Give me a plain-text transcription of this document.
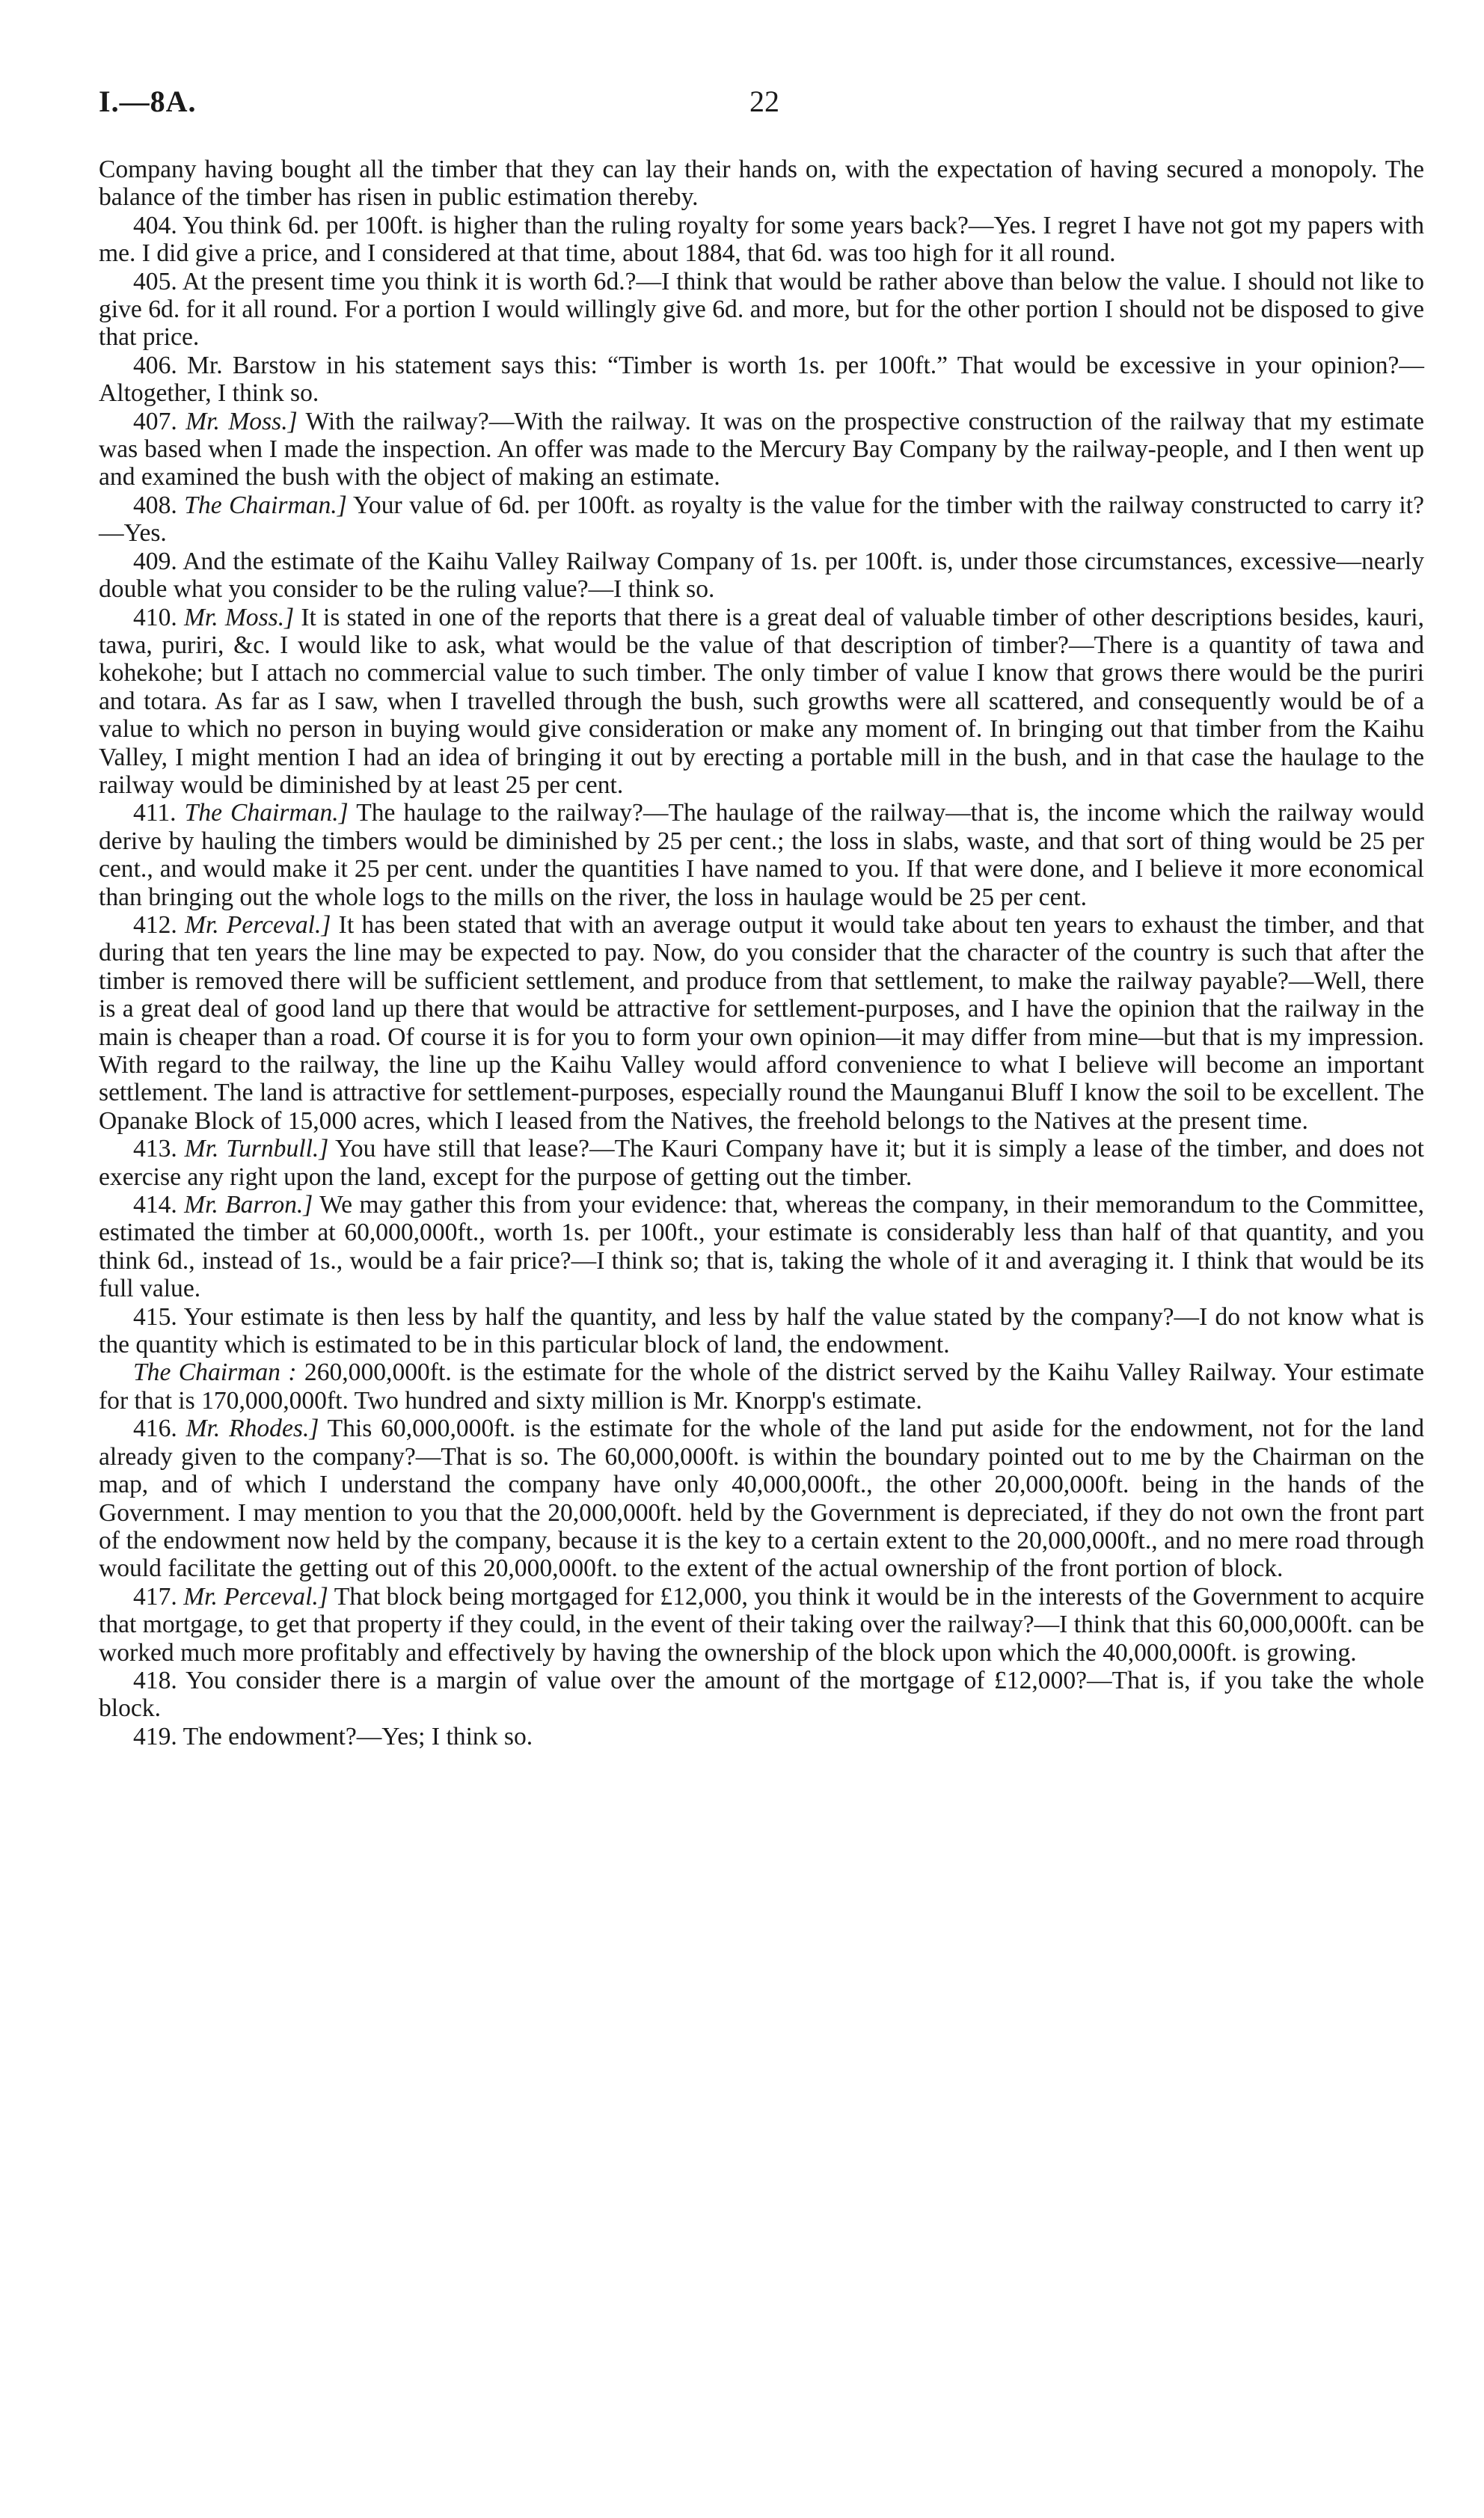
I.—8A.	22

Company having bought all the timber that they can lay their hands on, with the expectation of having secured a monopoly. The balance of the timber has risen in public estimation thereby.

404. You think 6d. per 100ft. is higher than the ruling royalty for some years back?—Yes. I regret I have not got my papers with me. I did give a price, and I considered at that time, about 1884, that 6d. was too high for it all round.

405. At the present time you think it is worth 6d.?—I think that would be rather above than below the value. I should not like to give 6d. for it all round. For a portion I would willingly give 6d. and more, but for the other portion I should not be disposed to give that price.

406. Mr. Barstow in his statement says this: “Timber is worth 1s. per 100ft.” That would be excessive in your opinion?—Altogether, I think so.

407. Mr. Moss.] With the railway?—With the railway. It was on the prospective construction of the railway that my estimate was based when I made the inspection. An offer was made to the Mercury Bay Company by the railway-people, and I then went up and examined the bush with the object of making an estimate.

408. The Chairman.] Your value of 6d. per 100ft. as royalty is the value for the timber with the railway constructed to carry it?—Yes.

409. And the estimate of the Kaihu Valley Railway Company of 1s. per 100ft. is, under those circumstances, excessive—nearly double what you consider to be the ruling value?—I think so.

410. Mr. Moss.] It is stated in one of the reports that there is a great deal of valuable timber of other descriptions besides, kauri, tawa, puriri, &c. I would like to ask, what would be the value of that description of timber?—There is a quantity of tawa and kohekohe; but I attach no commercial value to such timber. The only timber of value I know that grows there would be the puriri and totara. As far as I saw, when I travelled through the bush, such growths were all scattered, and consequently would be of a value to which no person in buying would give consideration or make any moment of. In bringing out that timber from the Kaihu Valley, I might mention I had an idea of bringing it out by erecting a portable mill in the bush, and in that case the haulage to the railway would be diminished by at least 25 per cent.

411. The Chairman.] The haulage to the railway?—The haulage of the railway—that is, the income which the railway would derive by hauling the timbers would be diminished by 25 per cent.; the loss in slabs, waste, and that sort of thing would be 25 per cent., and would make it 25 per cent. under the quantities I have named to you. If that were done, and I believe it more economical than bringing out the whole logs to the mills on the river, the loss in haulage would be 25 per cent.

412. Mr. Perceval.] It has been stated that with an average output it would take about ten years to exhaust the timber, and that during that ten years the line may be expected to pay. Now, do you consider that the character of the country is such that after the timber is removed there will be sufficient settlement, and produce from that settlement, to make the railway payable?—Well, there is a great deal of good land up there that would be attractive for settlement-purposes, and I have the opinion that the railway in the main is cheaper than a road. Of course it is for you to form your own opinion—it may differ from mine—but that is my impression. With regard to the railway, the line up the Kaihu Valley would afford convenience to what I believe will become an important settlement. The land is attractive for settlement-purposes, especially round the Maunganui Bluff I know the soil to be excellent. The Opanake Block of 15,000 acres, which I leased from the Natives, the freehold belongs to the Natives at the present time.

413. Mr. Turnbull.] You have still that lease?—The Kauri Company have it; but it is simply a lease of the timber, and does not exercise any right upon the land, except for the purpose of getting out the timber.

414. Mr. Barron.] We may gather this from your evidence: that, whereas the company, in their memorandum to the Committee, estimated the timber at 60,000,000ft., worth 1s. per 100ft., your estimate is considerably less than half of that quantity, and you think 6d., instead of 1s., would be a fair price?—I think so; that is, taking the whole of it and averaging it. I think that would be its full value.

415. Your estimate is then less by half the quantity, and less by half the value stated by the company?—I do not know what is the quantity which is estimated to be in this particular block of land, the endowment.

The Chairman : 260,000,000ft. is the estimate for the whole of the district served by the Kaihu Valley Railway. Your estimate for that is 170,000,000ft. Two hundred and sixty million is Mr. Knorpp's estimate.

416. Mr. Rhodes.] This 60,000,000ft. is the estimate for the whole of the land put aside for the endowment, not for the land already given to the company?—That is so. The 60,000,000ft. is within the boundary pointed out to me by the Chairman on the map, and of which I understand the company have only 40,000,000ft., the other 20,000,000ft. being in the hands of the Government. I may mention to you that the 20,000,000ft. held by the Government is depreciated, if they do not own the front part of the endowment now held by the company, because it is the key to a certain extent to the 20,000,000ft., and no mere road through would facilitate the getting out of this 20,000,000ft. to the extent of the actual ownership of the front portion of block.

417. Mr. Perceval.] That block being mortgaged for £12,000, you think it would be in the interests of the Government to acquire that mortgage, to get that property if they could, in the event of their taking over the railway?—I think that this 60,000,000ft. can be worked much more profitably and effectively by having the ownership of the block upon which the 40,000,000ft. is growing.

418. You consider there is a margin of value over the amount of the mortgage of £12,000?—That is, if you take the whole block.

419. The endowment?—Yes; I think so.
